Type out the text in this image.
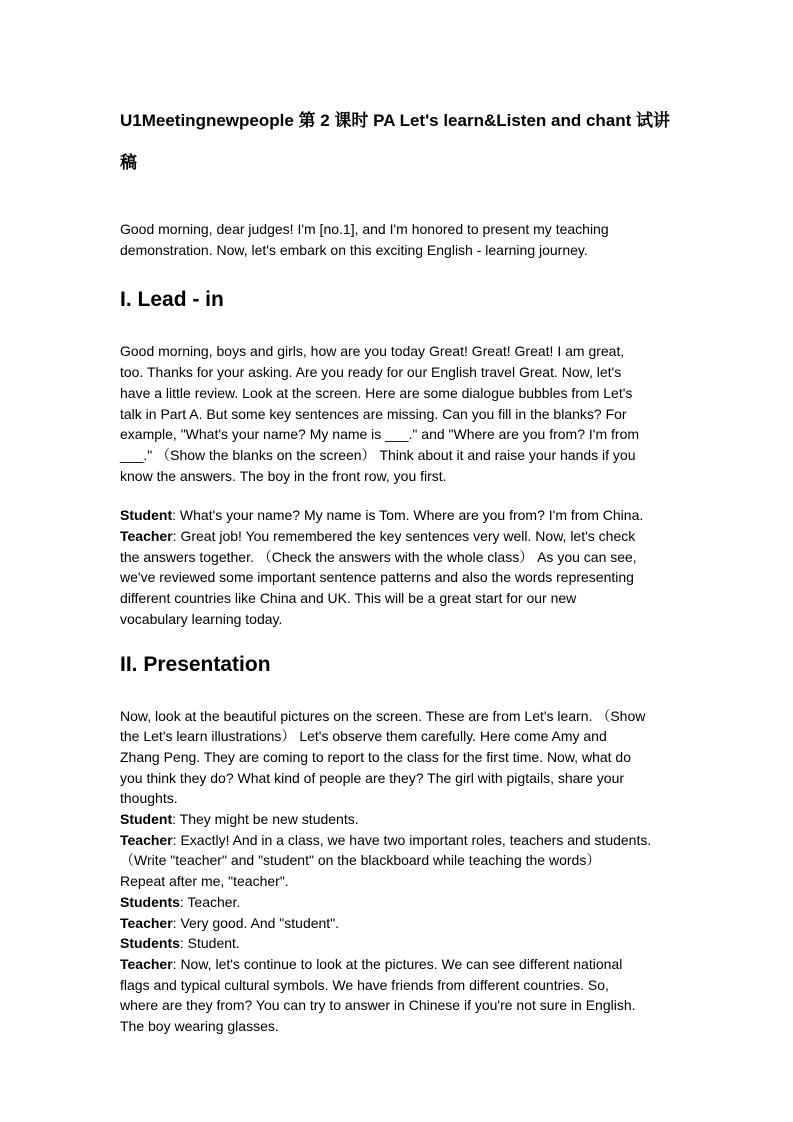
U1Meetingnewpeople 第 2 课时 PA Let's learn&Listen and chant 试讲
稿

Good morning, dear judges! I'm [no.1], and I'm honored to present my teaching
demonstration. Now, let's embark on this exciting English - learning journey.

I. Lead - in

Good morning, boys and girls, how are you today Great! Great! Great! I am great,
too. Thanks for your asking. Are you ready for our English travel Great. Now, let's
have a little review. Look at the screen. Here are some dialogue bubbles from Let's
talk in Part A. But some key sentences are missing. Can you fill in the blanks? For
example, "What's your name? My name is ___." and "Where are you from? I'm from
___." （Show the blanks on the screen） Think about it and raise your hands if you
know the answers. The boy in the front row, you first.

Student: What's your name? My name is Tom. Where are you from? I'm from China.
Teacher: Great job! You remembered the key sentences very well. Now, let's check
the answers together. （Check the answers with the whole class） As you can see,
we've reviewed some important sentence patterns and also the words representing
different countries like China and UK. This will be a great start for our new
vocabulary learning today.
II. Presentation
Now, look at the beautiful pictures on the screen. These are from Let's learn. （Show
the Let's learn illustrations） Let's observe them carefully. Here come Amy and
Zhang Peng. They are coming to report to the class for the first time. Now, what do
you think they do? What kind of people are they? The girl with pigtails, share your
thoughts.
Student: They might be new students.
Teacher: Exactly! And in a class, we have two important roles, teachers and students.
（Write "teacher" and "student" on the blackboard while teaching the words）
Repeat after me, "teacher".
Students: Teacher.
Teacher: Very good. And "student".
Students: Student.
Teacher: Now, let's continue to look at the pictures. We can see different national
flags and typical cultural symbols. We have friends from different countries. So,
where are they from? You can try to answer in Chinese if you're not sure in English.
The boy wearing glasses.
